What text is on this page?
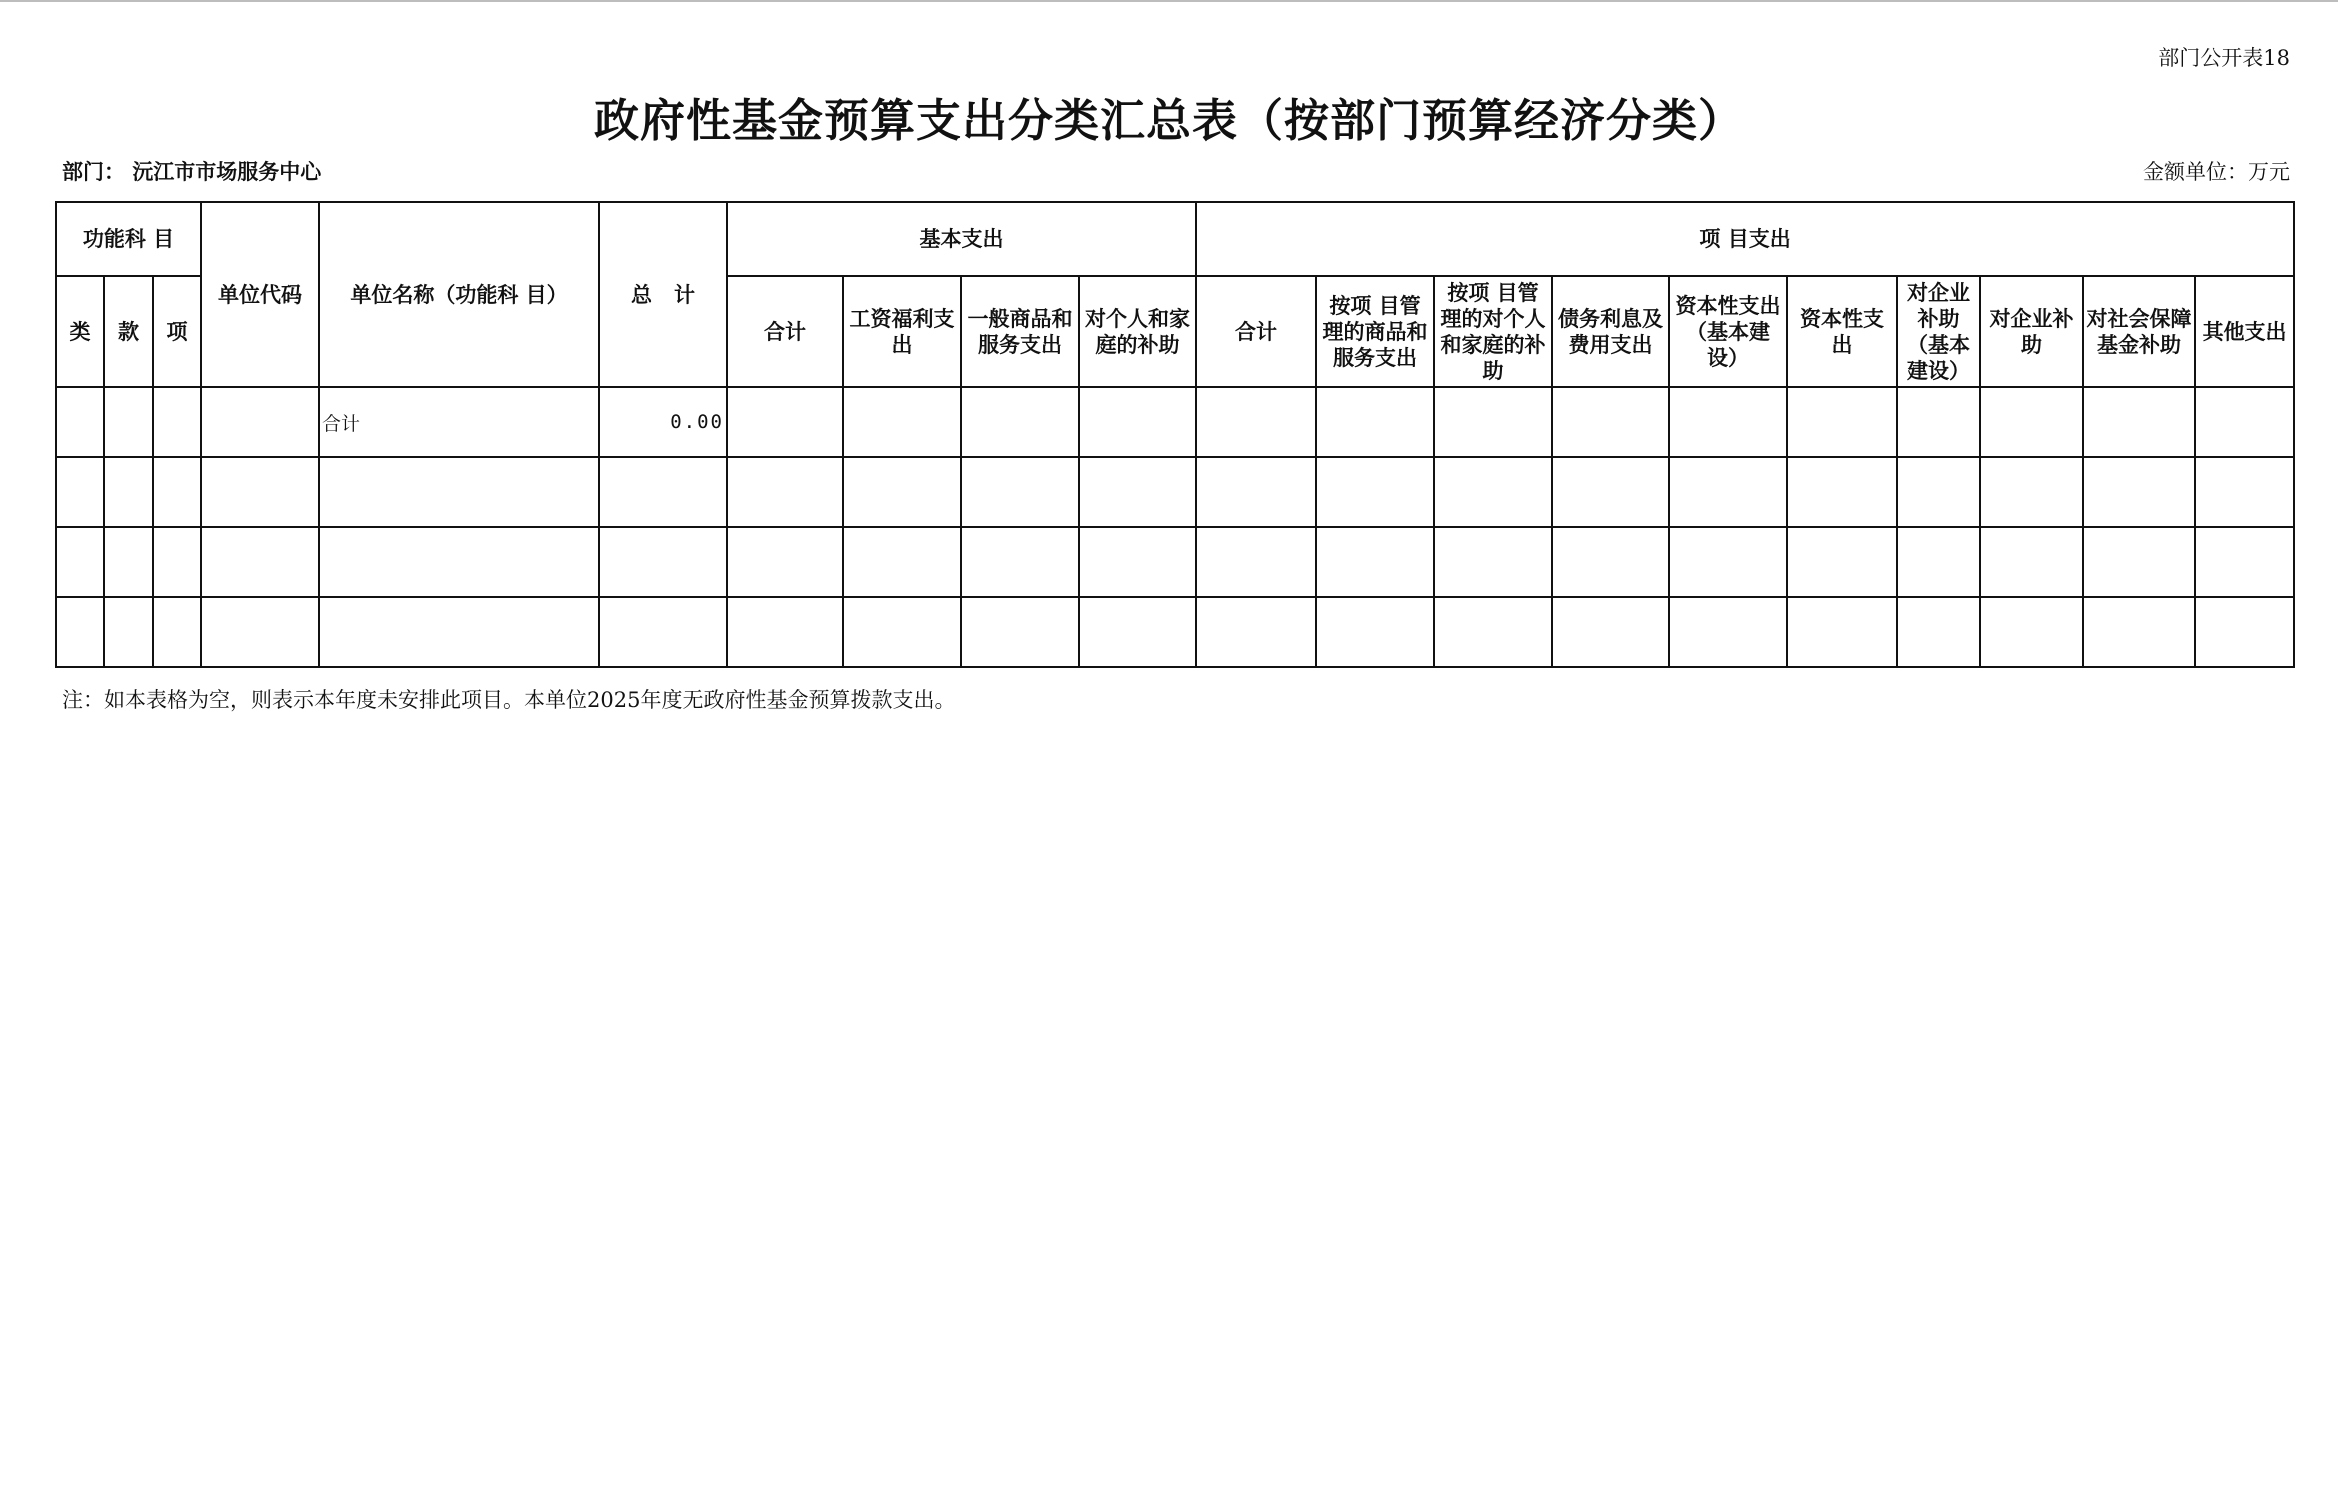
部门公开表18
政府性基金预算支出分类汇总表（按部门预算经济分类）
部门： 沅江市市场服务中心	金额单位：万元
功能科 目			单位代码	单位名称（功能科 目）	总   计	基本支出				项 目支出									
类	款	项				合计	工资福利支出	一般商品和服务支出	对个人和家庭的补助	合计	按项 目管理的商品和服务支出	按项 目管理的对个人和家庭的补助	债务利息及费用支出	资本性支出（基本建设）	资本性支出	对企业补助（基本建设）	对企业补助	对社会保障基金补助	其他支出
				合计	0.00														

注：如本表格为空，则表示本年度未安排此项目。本单位2025年度无政府性基金预算拨款支出。
